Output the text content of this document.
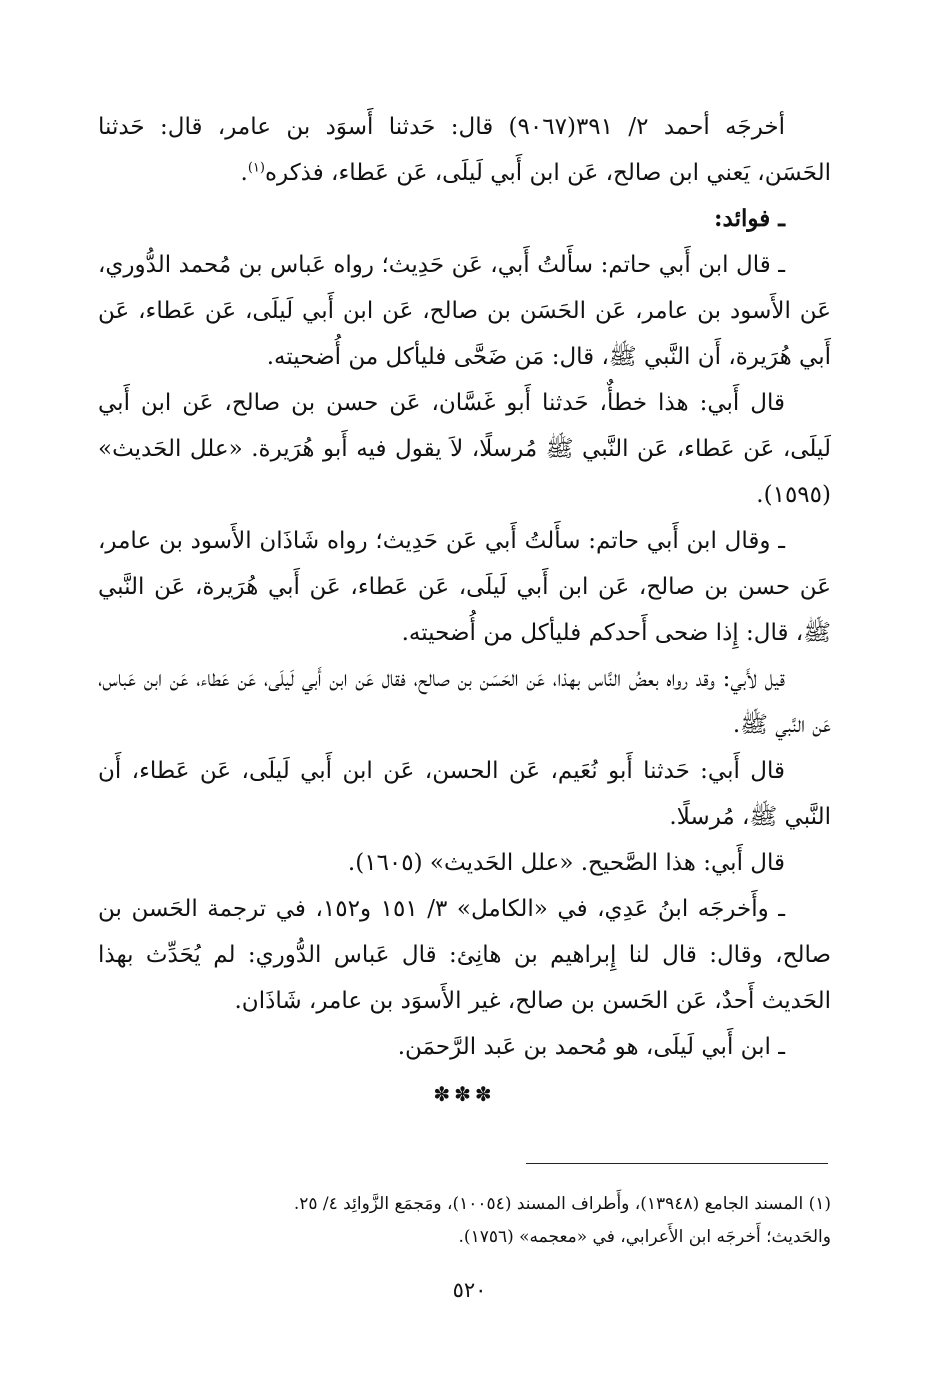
أخرجَه أحمد ٢/ ٣٩١(٩٠٦٧) قال: حَدثنا أَسوَد بن عامر، قال: حَدثنا الحَسَن، يَعني ابن صالح، عَن ابن أَبي لَيلَى، عَن عَطاء، فذكره$^{(١)}$.

ـ فوائد:

ـ قال ابن أَبي حاتم: سأَلتُ أَبي، عَن حَدِيث؛ رواه عَباس بن مُحمد الدُّوري، عَن الأَسود بن عامر، عَن الحَسَن بن صالح، عَن ابن أَبي لَيلَى، عَن عَطاء، عَن أَبي هُرَيرة، أَن النَّبي ﷺ، قال: مَن ضَحَّى فليأكل من أُضحيته.

قال أَبي: هذا خطأٌ، حَدثنا أَبو غَسَّان، عَن حسن بن صالح، عَن ابن أَبي لَيلَى، عَن عَطاء، عَن النَّبي ﷺ مُرسلًا، لاَ يقول فيه أَبو هُرَيرة. «علل الحَديث» (١٥٩٥).

ـ وقال ابن أَبي حاتم: سأَلتُ أَبي عَن حَدِيث؛ رواه شَاذَان الأَسود بن عامر، عَن حسن بن صالح، عَن ابن أَبي لَيلَى، عَن عَطاء، عَن أَبي هُرَيرة، عَن النَّبي ﷺ، قال: إِذا ضحى أَحدكم فليأكل من أُضحيته.

قيل لأَبي: وقد رواه بعضُ النَّاس بهذا، عَن الحَسَن بن صالح، فقال عَن ابن أَبي لَيلَى، عَن عَطاء، عَن ابن عَباس، عَن النَّبي ﷺ.

قال أَبي: حَدثنا أَبو نُعَيم، عَن الحسن، عَن ابن أَبي لَيلَى، عَن عَطاء، أَن النَّبي ﷺ، مُرسلًا.

قال أَبي: هذا الصَّحيح. «علل الحَديث» (١٦٠٥).

ـ وأَخرجَه ابنُ عَدِي، في «الكامل» ٣/ ١٥١ و١٥٢، في ترجمة الحَسن بن صالح، وقال: قال لنا إِبراهيم بن هانِئ: قال عَباس الدُّوري: لم يُحَدِّث بهذا الحَديث أَحدٌ، عَن الحَسن بن صالح، غير الأَسوَد بن عامر، شَاذَان.

ـ ابن أَبي لَيلَى، هو مُحمد بن عَبد الرَّحمَن.

✽✽✽

(١) المسند الجامع (١٣٩٤٨)، وأَطراف المسند (١٠٠٥٤)، ومَجمَع الزَّوائِد ٤/ ٢٥.

والحَديث؛ أَخرجَه ابن الأَعرابي، في «معجمه» (١٧٥٦).

٥٢٠
